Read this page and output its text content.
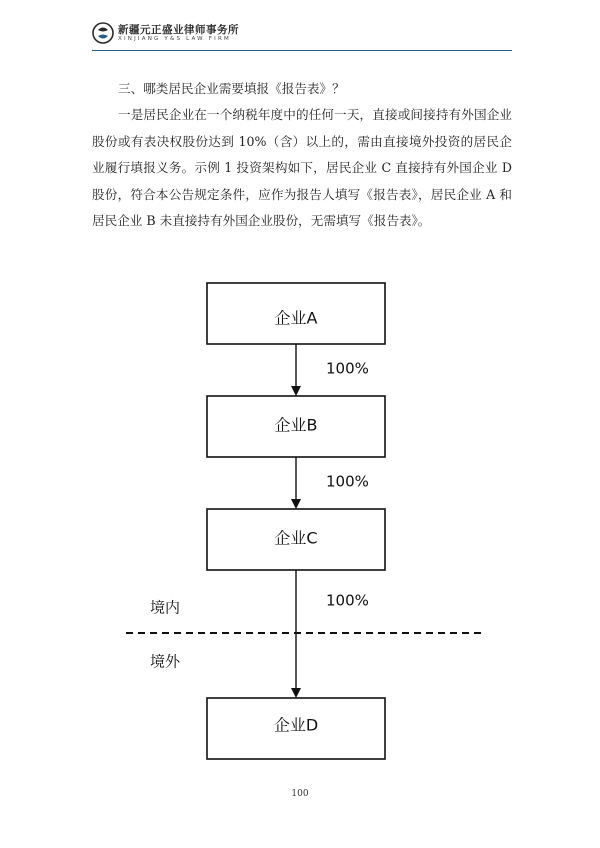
新疆元正盛业律师事务所
XINJIANG Y&S LAW FIRM

三、哪类居民企业需要填报《报告表》？

一是居民企业在一个纳税年度中的任何一天，直接或间接持有外国企业股份或有表决权股份达到 10%（含）以上的，需由直接境外投资的居民企业履行填报义务。示例 1 投资架构如下，居民企业 C 直接持有外国企业 D 股份，符合本公告规定条件，应作为报告人填写《报告表》，居民企业 A 和居民企业 B 未直接持有外国企业股份，无需填写《报告表》。

企业A
100%
企业B
100%
企业C
100%
境内
境外
企业D
100
